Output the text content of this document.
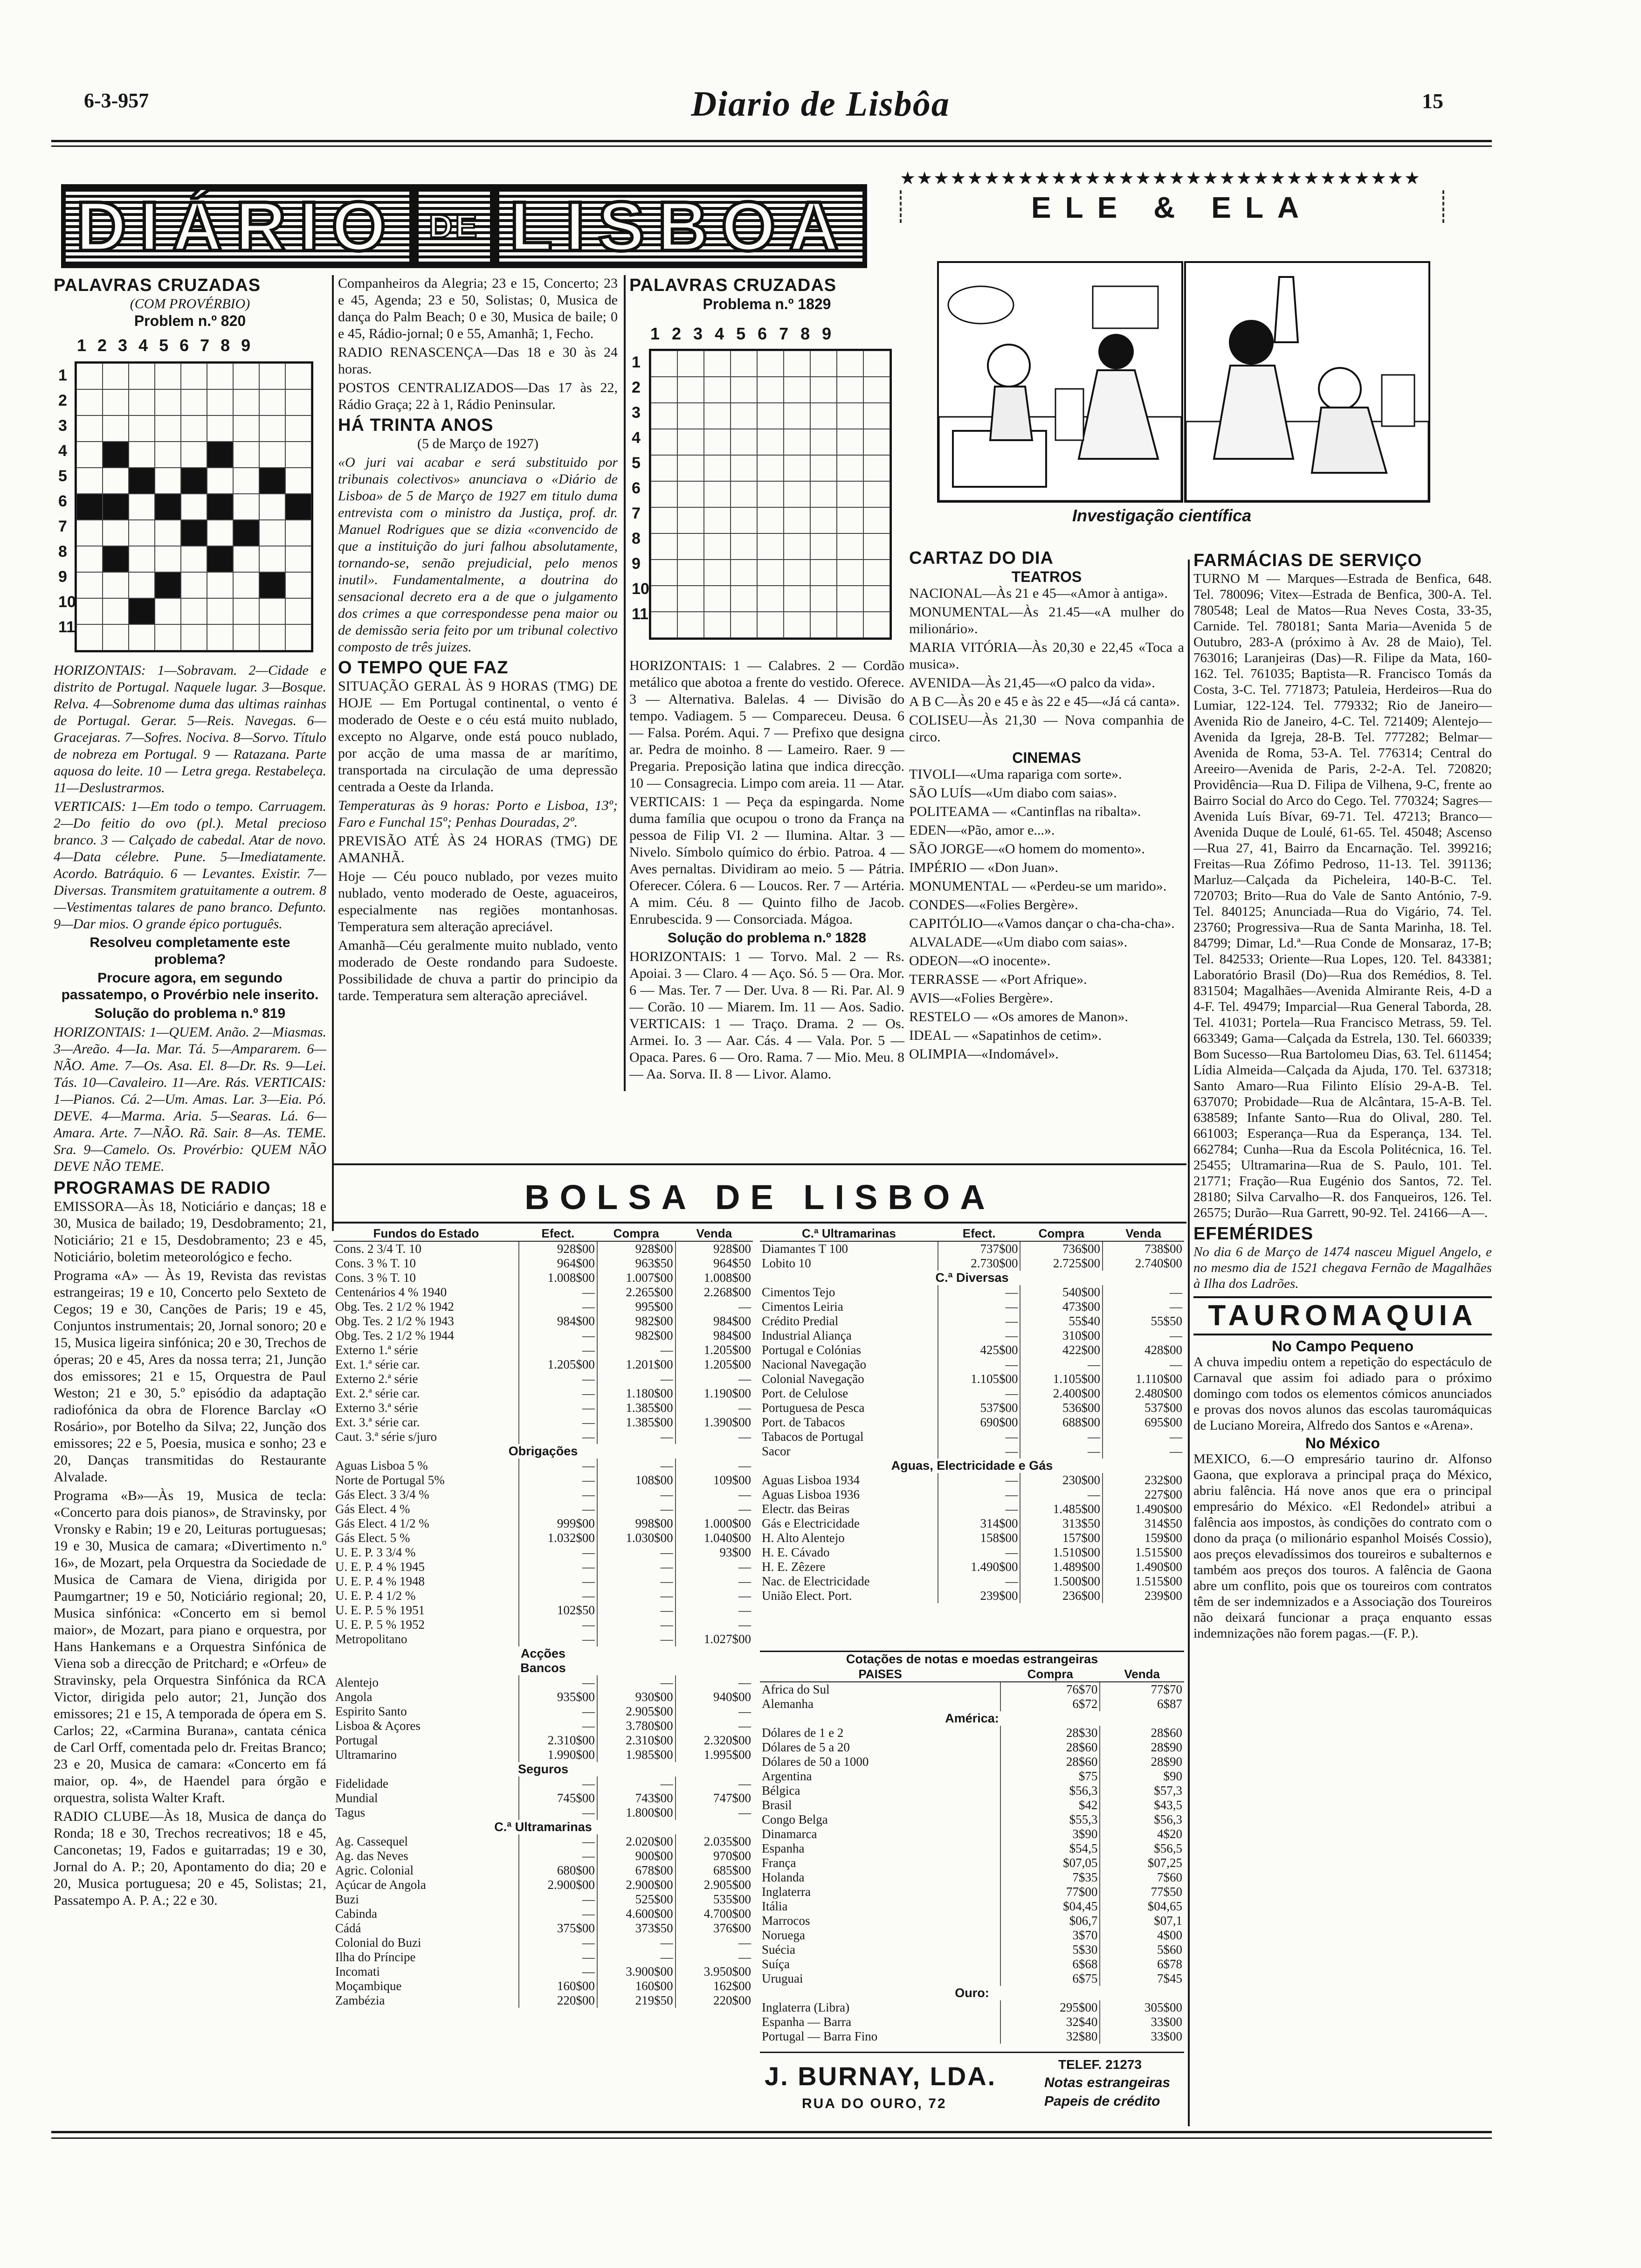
6-3-957	Diario de Lisbôa	15
DIÁRIO DE LISBOA
PALAVRAS CRUZADAS
(COM PROVÉRBIO)
Problem n.º 820
123456789
1
2
3
4
5
6
7
8
9
10
11

HORIZONTAIS: 1—Sobravam. 2—Cidade e distrito de Portugal. Naquele lugar. 3—Bosque. Relva. 4—Sobrenome duma das ultimas rainhas de Portugal. Gerar. 5—Reis. Navegas. 6—Gracejaras. 7—Sofres. Nociva. 8—Sorvo. Título de nobreza em Portugal. 9 — Ratazana. Parte aquosa do leite. 10 — Letra grega. Restabeleça. 11—Deslustrarmos.

VERTICAIS: 1—Em todo o tempo. Carruagem. 2—Do feitio do ovo (pl.). Metal precioso branco. 3 — Calçado de cabedal. Atar de novo. 4—Data célebre. Pune. 5—Imediatamente. Acordo. Batráquio. 6 — Levantes. Existir. 7—Diversas. Transmitem gratuitamente a outrem. 8—Vestimentas talares de pano branco. Defunto. 9—Dar mios. O grande épico português.

Resolveu completamente este problema?

Procure agora, em segundo passatempo, o Provérbio nele inserito.

Solução do problema n.º 819

HORIZONTAIS: 1—QUEM. Anão. 2—Miasmas. 3—Areão. 4—Ia. Mar. Tá. 5—Ampararem. 6—NÃO. Ame. 7—Os. Asa. El. 8—Dr. Rs. 9—Lei. Tás. 10—Cavaleiro. 11—Are. Rás. VERTICAIS: 1—Pianos. Cá. 2—Um. Amas. Lar. 3—Eia. Pó. DEVE. 4—Marma. Aria. 5—Searas. Lá. 6—Amara. Arte. 7—NÃO. Rã. Sair. 8—As. TEME. Sra. 9—Camelo. Os. Provérbio: QUEM NÃO DEVE NÃO TEME.

PROGRAMAS DE RADIO

EMISSORA—Às 18, Noticiário e danças; 18 e 30, Musica de bailado; 19, Desdobramento; 21, Noticiário; 21 e 15, Desdobramento; 23 e 45, Noticiário, boletim meteorológico e fecho.

Programa «A» — Às 19, Revista das revistas estrangeiras; 19 e 10, Concerto pelo Sexteto de Cegos; 19 e 30, Canções de Paris; 19 e 45, Conjuntos instrumentais; 20, Jornal sonoro; 20 e 15, Musica ligeira sinfónica; 20 e 30, Trechos de óperas; 20 e 45, Ares da nossa terra; 21, Junção dos emissores; 21 e 15, Orquestra de Paul Weston; 21 e 30, 5.º episódio da adaptação radiofónica da obra de Florence Barclay «O Rosário», por Botelho da Silva; 22, Junção dos emissores; 22 e 5, Poesia, musica e sonho; 23 e 20, Danças transmitidas do Restaurante Alvalade.

Programa «B»—Às 19, Musica de tecla: «Concerto para dois pianos», de Stravinsky, por Vronsky e Rabin; 19 e 20, Leituras portuguesas; 19 e 30, Musica de camara; «Divertimento n.º 16», de Mozart, pela Orquestra da Sociedade de Musica de Camara de Viena, dirigida por Paumgartner; 19 e 50, Noticiário regional; 20, Musica sinfónica: «Concerto em si bemol maior», de Mozart, para piano e orquestra, por Hans Hankemans e a Orquestra Sinfónica de Viena sob a direcção de Pritchard; e «Orfeu» de Stravinsky, pela Orquestra Sinfónica da RCA Victor, dirigida pelo autor; 21, Junção dos emissores; 21 e 15, A temporada de ópera em S. Carlos; 22, «Carmina Burana», cantata cénica de Carl Orff, comentada pelo dr. Freitas Branco; 23 e 20, Musica de camara: «Concerto em fá maior, op. 4», de Haendel para órgão e orquestra, solista Walter Kraft.

RADIO CLUBE—Às 18, Musica de dança do Ronda; 18 e 30, Trechos recreativos; 18 e 45, Canconetas; 19, Fados e guitarradas; 19 e 30, Jornal do A. P.; 20, Apontamento do dia; 20 e 20, Musica portuguesa; 20 e 45, Solistas; 21, Passatempo A. P. A.; 22 e 30.

Companheiros da Alegria; 23 e 15, Concerto; 23 e 45, Agenda; 23 e 50, Solistas; 0, Musica de dança do Palm Beach; 0 e 30, Musica de baile; 0 e 45, Rádio-jornal; 0 e 55, Amanhã; 1, Fecho.

RADIO RENASCENÇA—Das 18 e 30 às 24 horas.

POSTOS CENTRALIZADOS—Das 17 às 22, Rádio Graça; 22 à 1, Rádio Peninsular.

HÁ TRINTA ANOS

(5 de Março de 1927)

«O juri vai acabar e será substituido por tribunais colectivos» anunciava o «Diário de Lisboa» de 5 de Março de 1927 em titulo duma entrevista com o ministro da Justiça, prof. dr. Manuel Rodrigues que se dizia «convencido de que a instituição do juri falhou absolutamente, tornando-se, senão prejudicial, pelo menos inutil». Fundamentalmente, a doutrina do sensacional decreto era a de que o julgamento dos crimes a que correspondesse pena maior ou de demissão seria feito por um tribunal colectivo composto de três juizes.

O TEMPO QUE FAZ

SITUAÇÃO GERAL ÀS 9 HORAS (TMG) DE HOJE — Em Portugal continental, o vento é moderado de Oeste e o céu está muito nublado, excepto no Algarve, onde está pouco nublado, por acção de uma massa de ar marítimo, transportada na circulação de uma depressão centrada a Oeste da Irlanda.

Temperaturas às 9 horas: Porto e Lisboa, 13º; Faro e Funchal 15º; Penhas Douradas, 2º.

PREVISÃO ATÉ ÀS 24 HORAS (TMG) DE AMANHÃ.

Hoje — Céu pouco nublado, por vezes muito nublado, vento moderado de Oeste, aguaceiros, especialmente nas regiões montanhosas. Temperatura sem alteração apreciável.

Amanhã—Céu geralmente muito nublado, vento moderado de Oeste rondando para Sudoeste. Possibilidade de chuva a partir do principio da tarde. Temperatura sem alteração apreciável.

PALAVRAS CRUZADAS
Problema n.º 1829
123456789
1
2
3
4
5
6
7
8
9
10
11

HORIZONTAIS: 1 — Calabres. 2 — Cordão metálico que abotoa a frente do vestido. Oferece. 3 — Alternativa. Balelas. 4 — Divisão do tempo. Vadiagem. 5 — Compareceu. Deusa. 6 — Falsa. Porém. Aqui. 7 — Prefixo que designa ar. Pedra de moinho. 8 — Lameiro. Raer. 9 — Pregaria. Preposição latina que indica direcção. 10 — Consagrecia. Limpo com areia. 11 — Atar.

VERTICAIS: 1 — Peça da espingarda. Nome duma família que ocupou o trono da França na pessoa de Filip VI. 2 — Ilumina. Altar. 3 — Nivelo. Símbolo químico do érbio. Patroa. 4 — Aves pernaltas. Dividiram ao meio. 5 — Pátria. Oferecer. Cólera. 6 — Loucos. Rer. 7 — Artéria. A mim. Céu. 8 — Quinto filho de Jacob. Enrubescida. 9 — Consorciada. Mágoa.

Solução do problema n.º 1828

HORIZONTAIS: 1 — Torvo. Mal. 2 — Rs. Apoiai. 3 — Claro. 4 — Aço. Só. 5 — Ora. Mor. 6 — Mas. Ter. 7 — Der. Uva. 8 — Ri. Par. Al. 9 — Corão. 10 — Miarem. Im. 11 — Aos. Sadio. VERTICAIS: 1 — Traço. Drama. 2 — Os. Armei. Io. 3 — Aar. Cás. 4 — Vala. Por. 5 — Opaca. Pares. 6 — Oro. Rama. 7 — Mio. Meu. 8 — Aa. Sorva. II. 8 — Livor. Alamo.

★★★★★★★★★★★★★★★★★★★★★★★★★★★★★★★
ELE & ELA
Investigação científica
CARTAZ DO DIA
TEATROS

NACIONAL—Às 21 e 45—«Amor à antiga».

MONUMENTAL—Às 21.45—«A mulher do milionário».

MARIA VITÓRIA—Às 20,30 e 22,45 «Toca a musica».

AVENIDA—Às 21,45—«O palco da vida».

A B C—Às 20 e 45 e às 22 e 45—«Já cá canta».

COLISEU—Às 21,30 — Nova companhia de circo.

CINEMAS

TIVOLI—«Uma rapariga com sorte».

SÃO LUÍS—«Um diabo com saias».

POLITEAMA — «Cantinflas na ribalta».

EDEN—«Pão, amor e...».

SÃO JORGE—«O homem do momento».

IMPÉRIO — «Don Juan».

MONUMENTAL — «Perdeu-se um marido».

CONDES—«Folies Bergère».

CAPITÓLIO—«Vamos dançar o cha-cha-cha».

ALVALADE—«Um diabo com saias».

ODEON—«O inocente».

TERRASSE — «Port Afrique».

AVIS—«Folies Bergère».

RESTELO — «Os amores de Manon».

IDEAL — «Sapatinhos de cetim».

OLIMPIA—«Indomável».

FARMÁCIAS DE SERVIÇO

TURNO M — Marques—Estrada de Benfica, 648. Tel. 780096; Vitex—Estrada de Benfica, 300-A. Tel. 780548; Leal de Matos—Rua Neves Costa, 33-35, Carnide. Tel. 780181; Santa Maria—Avenida 5 de Outubro, 283-A (próximo à Av. 28 de Maio), Tel. 763016; Laranjeiras (Das)—R. Filipe da Mata, 160-162. Tel. 761035; Baptista—R. Francisco Tomás da Costa, 3-C. Tel. 771873; Patuleia, Herdeiros—Rua do Lumiar, 122-124. Tel. 779332; Rio de Janeiro—Avenida Rio de Janeiro, 4-C. Tel. 721409; Alentejo—Avenida da Igreja, 28-B. Tel. 777282; Belmar—Avenida de Roma, 53-A. Tel. 776314; Central do Areeiro—Avenida de Paris, 2-2-A. Tel. 720820; Providência—Rua D. Filipa de Vilhena, 9-C, frente ao Bairro Social do Arco do Cego. Tel. 770324; Sagres—Avenida Luís Bívar, 69-71. Tel. 47213; Branco—Avenida Duque de Loulé, 61-65. Tel. 45048; Ascenso—Rua 27, 41, Bairro da Encarnação. Tel. 399216; Freitas—Rua Zófimo Pedroso, 11-13. Tel. 391136; Marluz—Calçada da Picheleira, 140-B-C. Tel. 720703; Brito—Rua do Vale de Santo António, 7-9. Tel. 840125; Anunciada—Rua do Vigário, 74. Tel. 23760; Progressiva—Rua de Santa Marinha, 18. Tel. 84799; Dimar, Ld.ª—Rua Conde de Monsaraz, 17-B; Tel. 842533; Oriente—Rua Lopes, 120. Tel. 843381; Laboratório Brasil (Do)—Rua dos Remédios, 8. Tel. 831504; Magalhães—Avenida Almirante Reis, 4-D a 4-F. Tel. 49479; Imparcial—Rua General Taborda, 28. Tel. 41031; Portela—Rua Francisco Metrass, 59. Tel. 663349; Gama—Calçada da Estrela, 130. Tel. 660339; Bom Sucesso—Rua Bartolomeu Dias, 63. Tel. 611454; Lídia Almeida—Calçada da Ajuda, 170. Tel. 637318; Santo Amaro—Rua Filinto Elísio 29-A-B. Tel. 637070; Probidade—Rua de Alcântara, 15-A-B. Tel. 638589; Infante Santo—Rua do Olival, 280. Tel. 661003; Esperança—Rua da Esperança, 134. Tel. 662784; Cunha—Rua da Escola Politécnica, 16. Tel. 25455; Ultramarina—Rua de S. Paulo, 101. Tel. 21771; Fração—Rua Eugénio dos Santos, 72. Tel. 28180; Silva Carvalho—R. dos Fanqueiros, 126. Tel. 26575; Durão—Rua Garrett, 90-92. Tel. 24166—A—.

EFEMÉRIDES

No dia 6 de Março de 1474 nasceu Miguel Angelo, e no mesmo dia de 1521 chegava Fernão de Magalhães à Ilha dos Ladrões.

TAUROMAQUIA
No Campo Pequeno

A chuva impediu ontem a repetição do espectáculo de Carnaval que assim foi adiado para o próximo domingo com todos os elementos cómicos anunciados e provas dos novos alunos das escolas tauromáquicas de Luciano Moreira, Alfredo dos Santos e «Arena».

No México

MEXICO, 6.—O empresário taurino dr. Alfonso Gaona, que explorava a principal praça do México, abriu falência. Há nove anos que era o principal empresário do México. «El Redondel» atribui a falência aos impostos, às condições do contrato com o dono da praça (o milionário espanhol Moisés Cossio), aos preços elevadíssimos dos toureiros e subalternos e também aos preços dos touros. A falência de Gaona abre um conflito, pois que os toureiros com contratos têm de ser indemnizados e a Associação dos Toureiros não deixará funcionar a praça enquanto essas indemnizações não forem pagas.—(F. P.).

BOLSA DE LISBOA
Fundos do Estado	Efect.	Compra	Venda
Cons. 2 3/4 T. 10	928$00	928$00	928$00
Cons. 3 % T. 10	964$00	963$50	964$50
Cons. 3 % T. 10	1.008$00	1.007$00	1.008$00
Centenários 4 % 1940	—	2.265$00	2.268$00
Obg. Tes. 2 1/2 % 1942	—	995$00	—
Obg. Tes. 2 1/2 % 1943	984$00	982$00	984$00
Obg. Tes. 2 1/2 % 1944	—	982$00	984$00
Externo 1.ª série	—	—	1.205$00
Ext. 1.ª série car.	1.205$00	1.201$00	1.205$00
Externo 2.ª série	—	—	—
Ext. 2.ª série car.	—	1.180$00	1.190$00
Externo 3.ª série	—	1.385$00	—
Ext. 3.ª série car.	—	1.385$00	1.390$00
Caut. 3.ª série s/juro	—	—	—
Obrigações			
Aguas Lisboa 5 %	—	—	—
Norte de Portugal 5%	—	108$00	109$00
Gás Elect. 3 3/4 %	—	—	—
Gás Elect. 4 %	—	—	—
Gás Elect. 4 1/2 %	999$00	998$00	1.000$00
Gás Elect. 5 %	1.032$00	1.030$00	1.040$00
U. E. P. 3 3/4 %	—	—	93$00
U. E. P. 4 % 1945	—	—	—
U. E. P. 4 % 1948	—	—	—
U. E. P. 4 1/2 %	—	—	—
U. E. P. 5 % 1951	102$50	—	—
U. E. P. 5 % 1952	—	—	—
Metropolitano	—	—	1.027$00
Acções			
Bancos			
Alentejo	—	—	—
Angola	935$00	930$00	940$00
Espirito Santo	—	2.905$00	—
Lisboa & Açores	—	3.780$00	—
Portugal	2.310$00	2.310$00	2.320$00
Ultramarino	1.990$00	1.985$00	1.995$00
Seguros			
Fidelidade	—	—	—
Mundial	745$00	743$00	747$00
Tagus	—	1.800$00	—
C.ª Ultramarinas			
Ag. Cassequel	—	2.020$00	2.035$00
Ag. das Neves	—	900$00	970$00
Agric. Colonial	680$00	678$00	685$00
Açúcar de Angola	2.900$00	2.900$00	2.905$00
Buzi	—	525$00	535$00
Cabinda	—	4.600$00	4.700$00
Cádá	375$00	373$50	376$00
Colonial do Buzi	—	—	—
Ilha do Príncipe	—	—	—
Incomati	—	3.900$00	3.950$00
Moçambique	160$00	160$00	162$00
Zambézia	220$00	219$50	220$00
C.ª Ultramarinas	Efect.	Compra	Venda
Diamantes T 100	737$00	736$00	738$00
Lobito 10	2.730$00	2.725$00	2.740$00
C.ª Diversas			
Cimentos Tejo	—	540$00	—
Cimentos Leiria	—	473$00	—
Crédito Predial	—	55$40	55$50
Industrial Aliança	—	310$00	—
Portugal e Colónias	425$00	422$00	428$00
Nacional Navegação	—	—	—
Colonial Navegação	1.105$00	1.105$00	1.110$00
Port. de Celulose	—	2.400$00	2.480$00
Portuguesa de Pesca	537$00	536$00	537$00
Port. de Tabacos	690$00	688$00	695$00
Tabacos de Portugal	—	—	—
Sacor	—	—	—
Aguas, Electricidade e Gás			
Aguas Lisboa 1934	—	230$00	232$00
Aguas Lisboa 1936	—	—	227$00
Electr. das Beiras	—	1.485$00	1.490$00
Gás e Electricidade	314$00	313$50	314$50
H. Alto Alentejo	158$00	157$00	159$00
H. E. Cávado	—	1.510$00	1.515$00
H. E. Zêzere	1.490$00	1.489$00	1.490$00
Nac. de Electricidade	—	1.500$00	1.515$00
União Elect. Port.	239$00	236$00	239$00
Cotações de notas e moedas estrangeiras
PAISES	Compra	Venda
Africa do Sul	76$70	77$70
Alemanha	6$72	6$87
América:		
Dólares de 1 e 2	28$30	28$60
Dólares de 5 a 20	28$60	28$90
Dólares de 50 a 1000	28$60	28$90
Argentina	$75	$90
Bélgica	$56,3	$57,3
Brasil	$42	$43,5
Congo Belga	$55,3	$56,3
Dinamarca	3$90	4$20
Espanha	$54,5	$56,5
França	$07,05	$07,25
Holanda	7$35	7$60
Inglaterra	77$00	77$50
Itália	$04,45	$04,65
Marrocos	$06,7	$07,1
Noruega	3$70	4$00
Suécia	5$30	5$60
Suíça	6$68	6$78
Uruguai	6$75	7$45
Ouro:		
Inglaterra (Libra)	295$00	305$00
Espanha — Barra	32$40	33$00
Portugal — Barra Fino	32$80	33$00
J. BURNAY, LDA.
RUA DO OURO, 72
TELEF. 21273
Notas estrangeiras
Papeis de crédito
